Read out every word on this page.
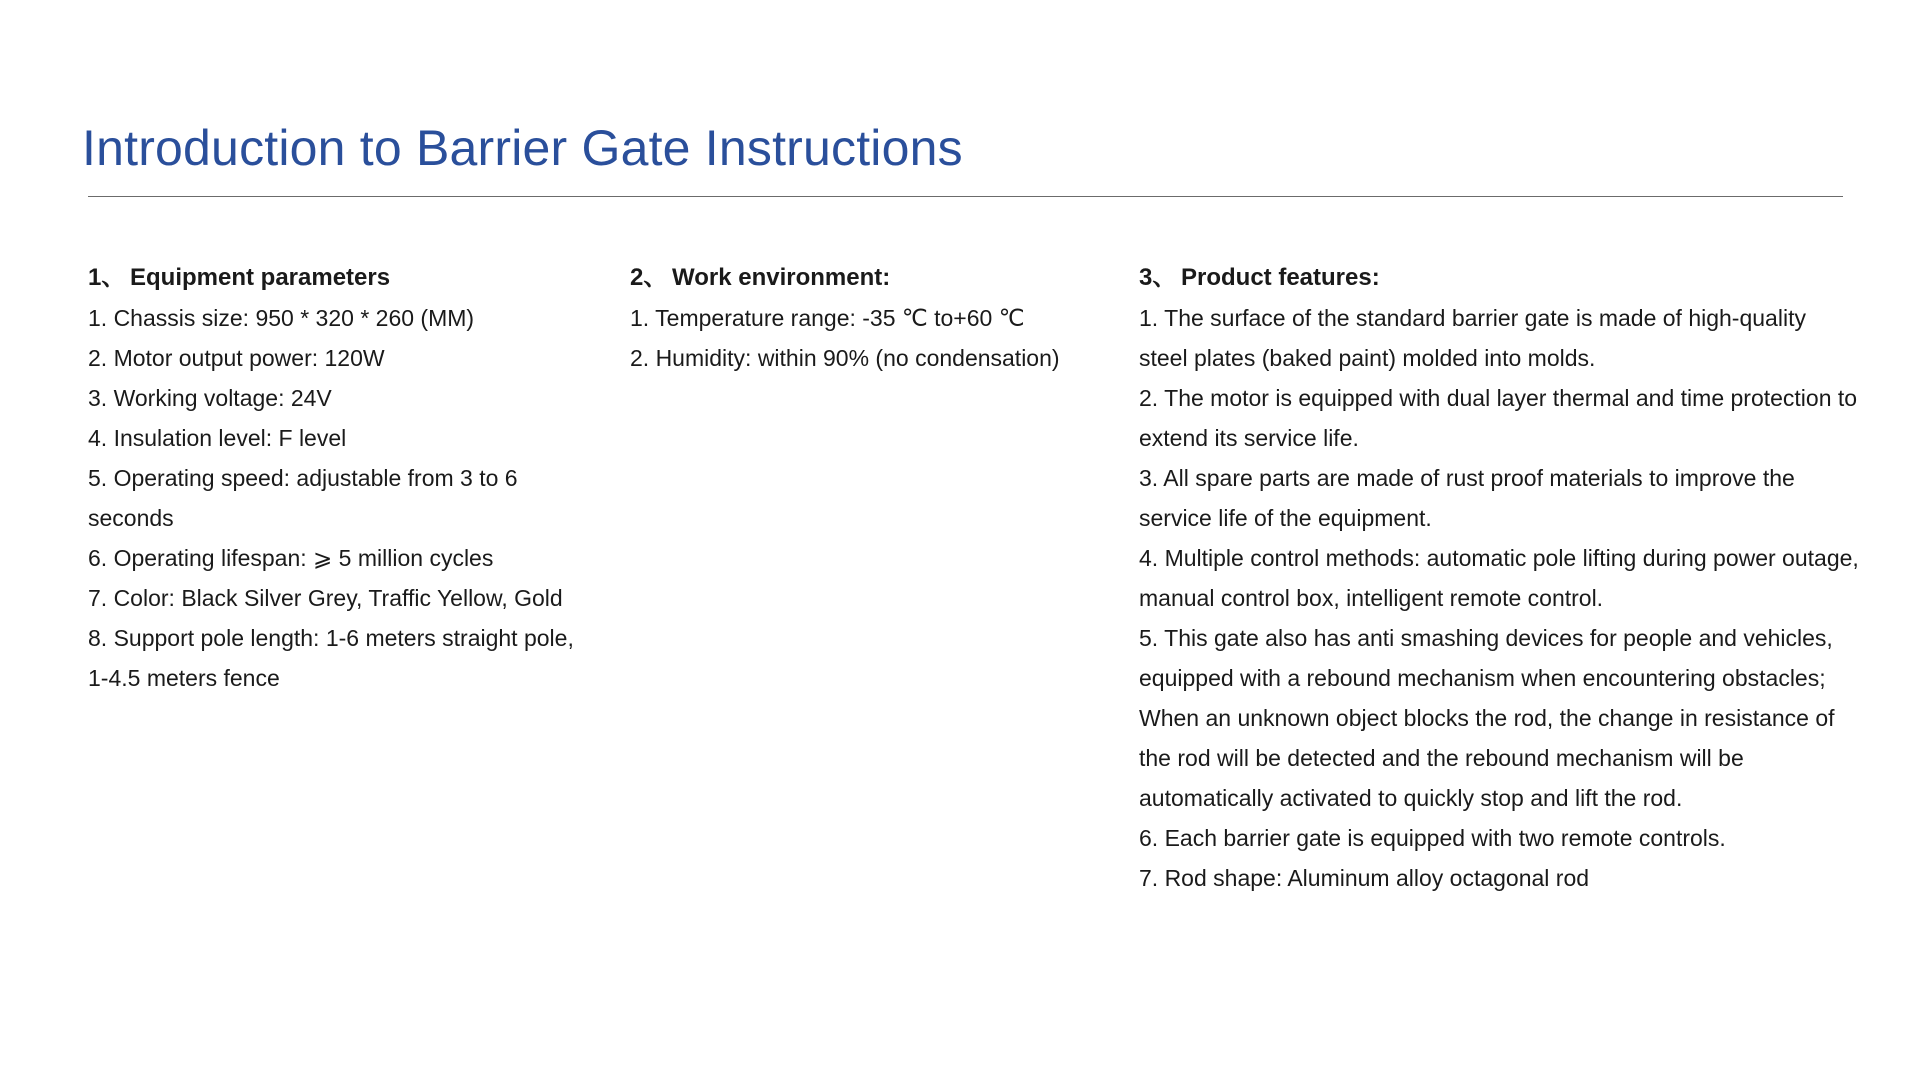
Introduction to Barrier Gate Instructions
1、 Equipment parameters
1. Chassis size: 950 * 320 * 260 (MM)
2. Motor output power: 120W
3. Working voltage: 24V
4. Insulation level: F level
5. Operating speed: adjustable from 3 to 6 seconds
6. Operating lifespan: ⩾ 5 million cycles
7. Color: Black Silver Grey, Traffic Yellow, Gold
8. Support pole length: 1-6 meters straight pole, 1-4.5 meters fence
2、 Work environment:
1. Temperature range: -35 ℃ to+60 ℃
2. Humidity: within 90% (no condensation)
3、 Product features:
1. The surface of the standard barrier gate is made of high-quality steel plates (baked paint) molded into molds.
2. The motor is equipped with dual layer thermal and time protection to extend its service life.
3. All spare parts are made of rust proof materials to improve the service life of the equipment.
4. Multiple control methods: automatic pole lifting during power outage, manual control box, intelligent remote control.
5. This gate also has anti smashing devices for people and vehicles, equipped with a rebound mechanism when encountering obstacles; When an unknown object blocks the rod, the change in resistance of the rod will be detected and the rebound mechanism will be automatically activated to quickly stop and lift the rod.
6. Each barrier gate is equipped with two remote controls.
7. Rod shape: Aluminum alloy octagonal rod
